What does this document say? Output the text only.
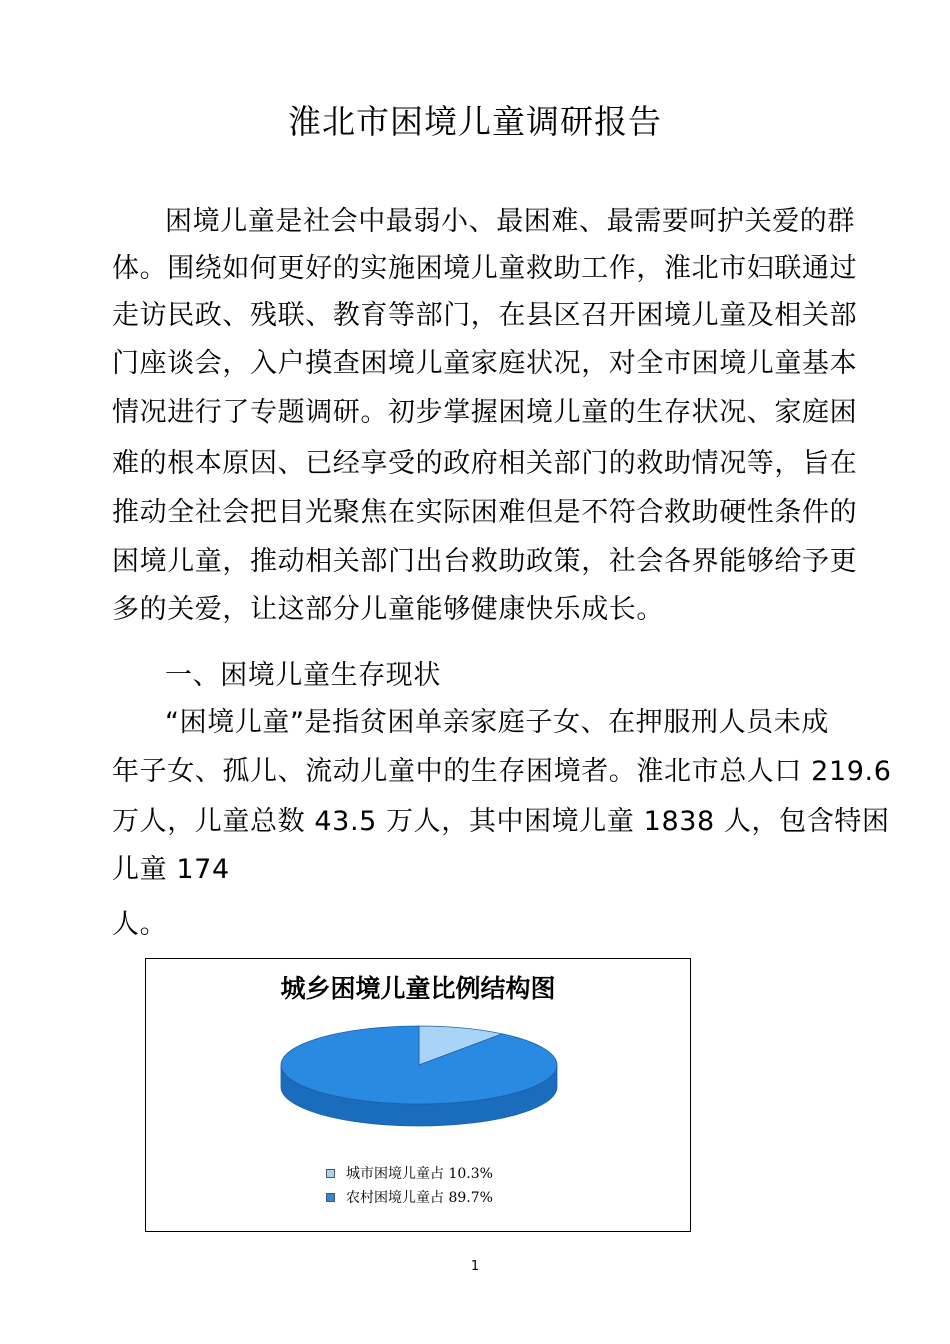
淮北市困境儿童调研报告
困境儿童是社会中最弱小、最困难、最需要呵护关爱的群
体。围绕如何更好的实施困境儿童救助工作，淮北市妇联通过
走访民政、残联、教育等部门，在县区召开困境儿童及相关部
门座谈会，入户摸查困境儿童家庭状况，对全市困境儿童基本
情况进行了专题调研。初步掌握困境儿童的生存状况、家庭困
难的根本原因、已经享受的政府相关部门的救助情况等，旨在
推动全社会把目光聚焦在实际困难但是不符合救助硬性条件的
困境儿童，推动相关部门出台救助政策，社会各界能够给予更
多的关爱，让这部分儿童能够健康快乐成长。
一、困境儿童生存现状
“困境儿童”是指贫困单亲家庭子女、在押服刑人员未成
年子女、孤儿、流动儿童中的生存困境者。淮北市总人口 219.6
万人，儿童总数 43.5 万人，其中困境儿童 1838 人，包含特困
儿童 174
人。
城乡困境儿童比例结构图
城市困境儿童占 10.3%
农村困境儿童占 89.7%
1
